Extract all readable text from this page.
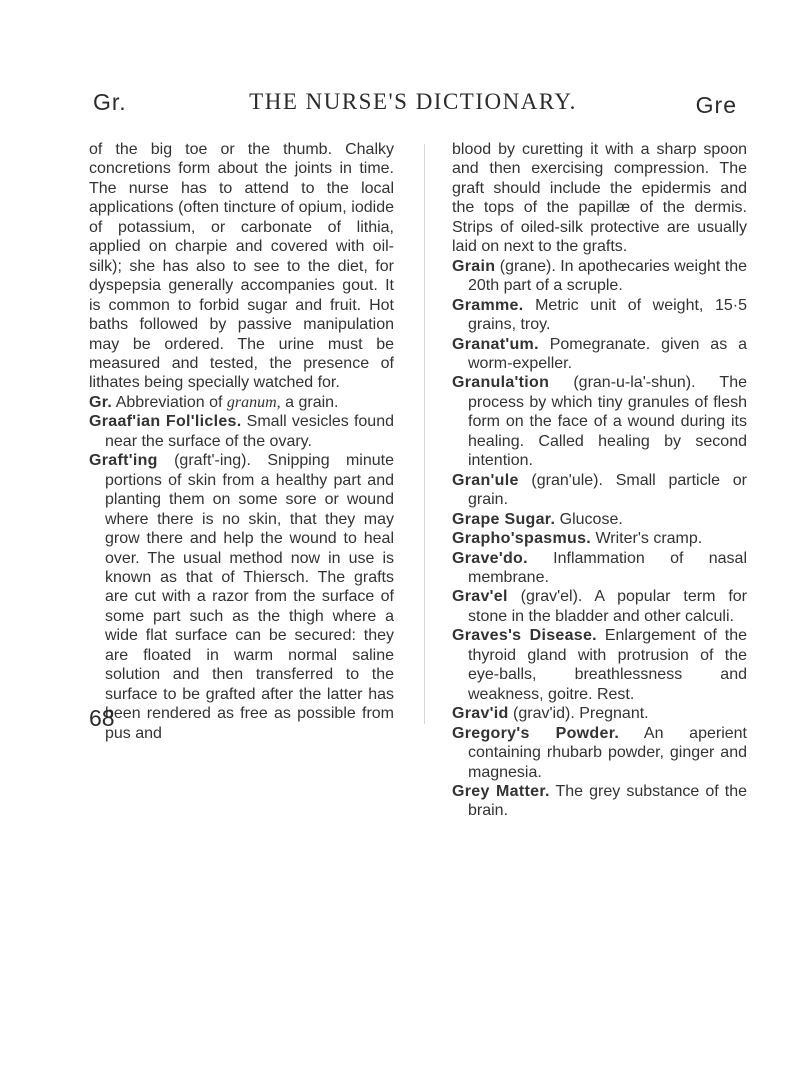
Gr.	THE NURSE'S DICTIONARY.	Gre

of the big toe or the thumb. Chalky concretions form about the joints in time. The nurse has to attend to the local applications (often tincture of opium, iodide of potassium, or carbonate of lithia, applied on charpie and covered with oil-silk); she has also to see to the diet, for dyspepsia generally accompanies gout. It is common to forbid sugar and fruit. Hot baths followed by passive manipulation may be ordered. The urine must be measured and tested, the presence of lithates being specially watched for.

Gr. Abbreviation of granum, a grain.

Graaf'ian Fol'licles. Small vesicles found near the surface of the ovary.

Graft'ing (graft'-ing). Snipping minute portions of skin from a healthy part and planting them on some sore or wound where there is no skin, that they may grow there and help the wound to heal over. The usual method now in use is known as that of Thiersch. The grafts are cut with a razor from the surface of some part such as the thigh where a wide flat surface can be secured: they are floated in warm normal saline solution and then transferred to the surface to be grafted after the latter has been rendered as free as possible from pus and

blood by curetting it with a sharp spoon and then exercising compression. The graft should include the epidermis and the tops of the papillæ of the dermis. Strips of oiled-silk protective are usually laid on next to the grafts.

Grain (grane). In apothecaries weight the 20th part of a scruple.

Gramme. Metric unit of weight, 15·5 grains, troy.

Granat'um. Pomegranate. given as a worm-expeller.

Granula'tion (gran-u-la'-shun). The process by which tiny granules of flesh form on the face of a wound during its healing. Called healing by second intention.

Gran'ule (gran'ule). Small particle or grain.

Grape Sugar. Glucose.

Grapho'spasmus. Writer's cramp.

Grave'do. Inflammation of nasal membrane.

Grav'el (grav'el). A popular term for stone in the bladder and other calculi.

Graves's Disease. Enlargement of the thyroid gland with protrusion of the eye-balls, breathlessness and weakness, goitre. Rest.

Grav'id (grav'id). Pregnant.

Gregory's Powder. An aperient containing rhubarb powder, ginger and magnesia.

Grey Matter. The grey substance of the brain.

68
